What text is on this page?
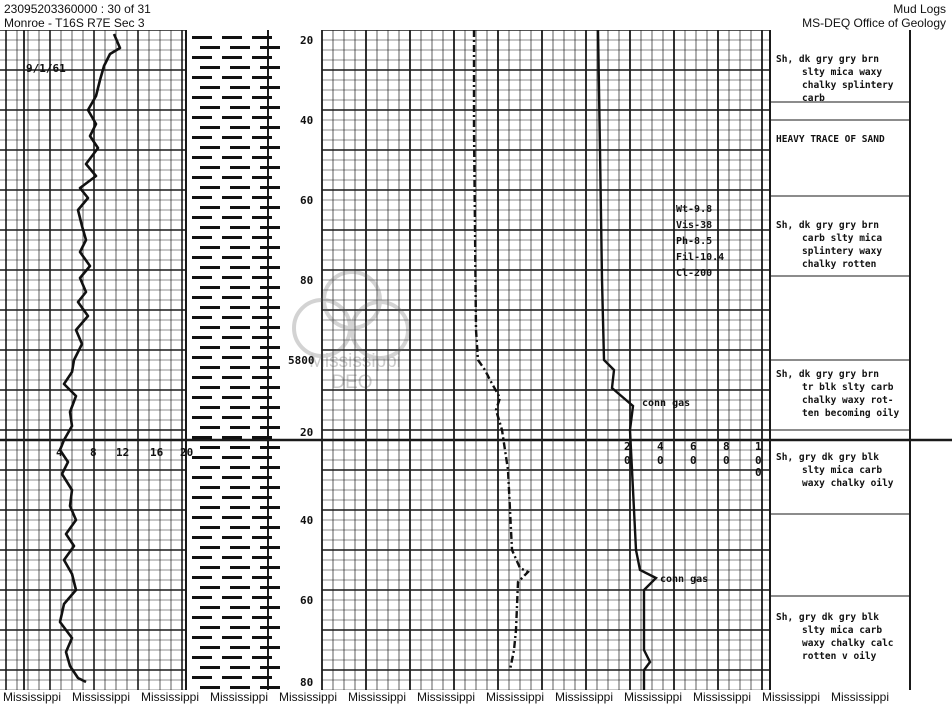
23095203360000 : 30 of 31
Monroe - T16S R7E Sec 3
Mud Logs
MS-DEQ Office of Geology
Mississippi
DEQ
9/1/61
20
40
60
80
5800
20
40
60
80
4 8 12 16 20	2 4 6 8 1
0 0 0 0 0
0
Wt-9.8
Vis-38
Ph-8.5
Fil-10.4
Cl-200
conn gas
conn gas
Sh, dk gry gry brn
slty mica waxy
chalky splintery
carb
HEAVY TRACE OF SAND
Sh, dk gry gry brn
carb slty mica
splintery waxy
chalky rotten
Sh, dk gry gry brn
tr blk slty carb
chalky waxy rot-
ten becoming oily
Sh, gry dk gry blk
slty mica carb
waxy chalky oily
Sh, gry dk gry blk
slty mica carb
waxy chalky calc
rotten v oily
Mississippi Mississippi Mississippi Mississippi Mississippi Mississippi Mississippi Mississippi Mississippi Mississippi Mississippi Mississippi Mississippi
